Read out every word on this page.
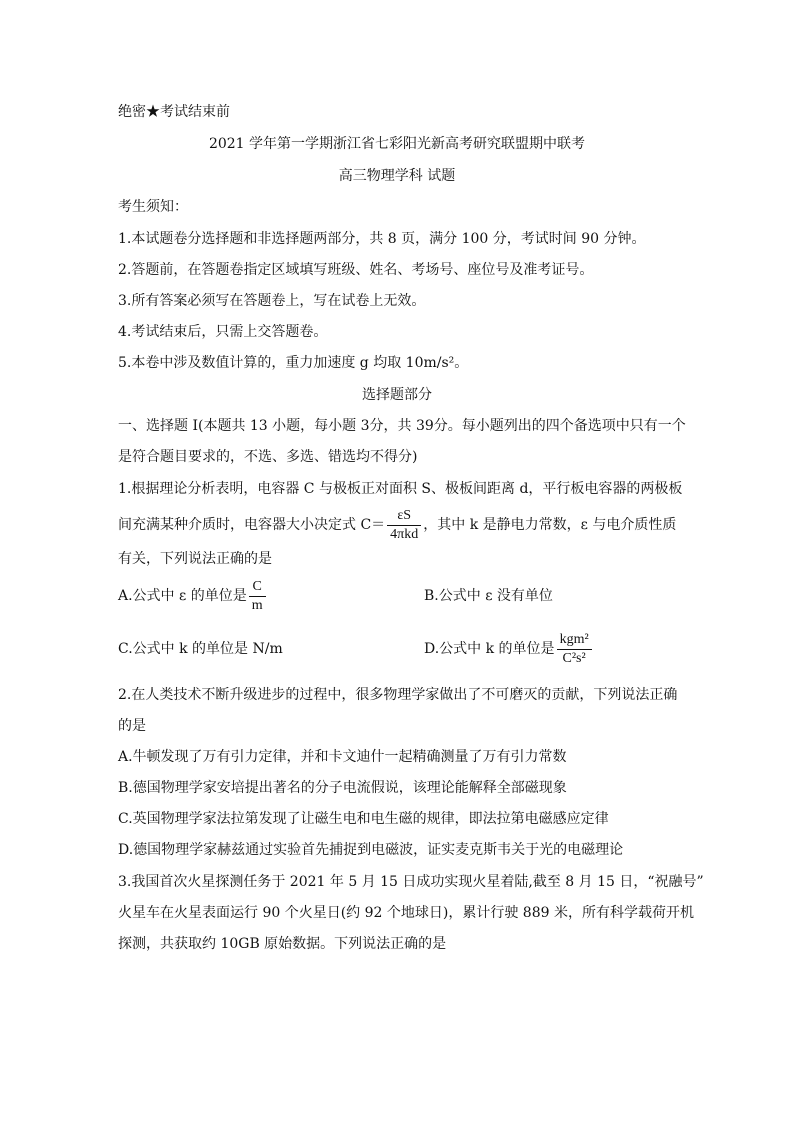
绝密★考试结束前
2021 学年第一学期浙江省七彩阳光新高考研究联盟期中联考
高三物理学科 试题
考生须知：
1.本试题卷分选择题和非选择题两部分，共 8 页，满分 100 分，考试时间 90 分钟。
2.答题前，在答题卷指定区域填写班级、姓名、考场号、座位号及准考证号。
3.所有答案必须写在答题卷上，写在试卷上无效。
4.考试结束后，只需上交答题卷。
5.本卷中涉及数值计算的，重力加速度 g 均取 10m/s²。
选择题部分
一、选择题 I(本题共 13 小题，每小题 3分，共 39分。每小题列出的四个备选项中只有一个
是符合题目要求的，不选、多选、错选均不得分)
1.根据理论分析表明，电容器 C 与极板正对面积 S、极板间距离 d，平行板电容器的两极板
间充满某种介质时，电容器大小决定式 $C= \frac{\varepsilon S}{\text{4πkd}}$ ，其中 k 是静电力常数，ε 与电介质性质
有关，下列说法正确的是
A.公式中 ε 的单位是 $\frac{C}{m}$	B.公式中 ε 没有单位
C.公式中 k 的单位是 N/m	D.公式中 k 的单位是 $\frac{\text{kgm²}}{\text{C²s²}}$
2.在人类技术不断升级进步的过程中，很多物理学家做出了不可磨灭的贡献，下列说法正确
的是
A.牛顿发现了万有引力定律，并和卡文迪什一起精确测量了万有引力常数
B.德国物理学家安培提出著名的分子电流假说，该理论能解释全部磁现象
C.英国物理学家法拉第发现了让磁生电和电生磁的规律，即法拉第电磁感应定律
D.德国物理学家赫兹通过实验首先捕捉到电磁波，证实麦克斯韦关于光的电磁理论
3.我国首次火星探测任务于 2021 年 5 月 15 日成功实现火星着陆,截至 8 月 15 日，“祝融号”
火星车在火星表面运行 90 个火星日(约 92 个地球日)，累计行驶 889 米，所有科学载荷开机
探测，共获取约 10GB 原始数据。下列说法正确的是
